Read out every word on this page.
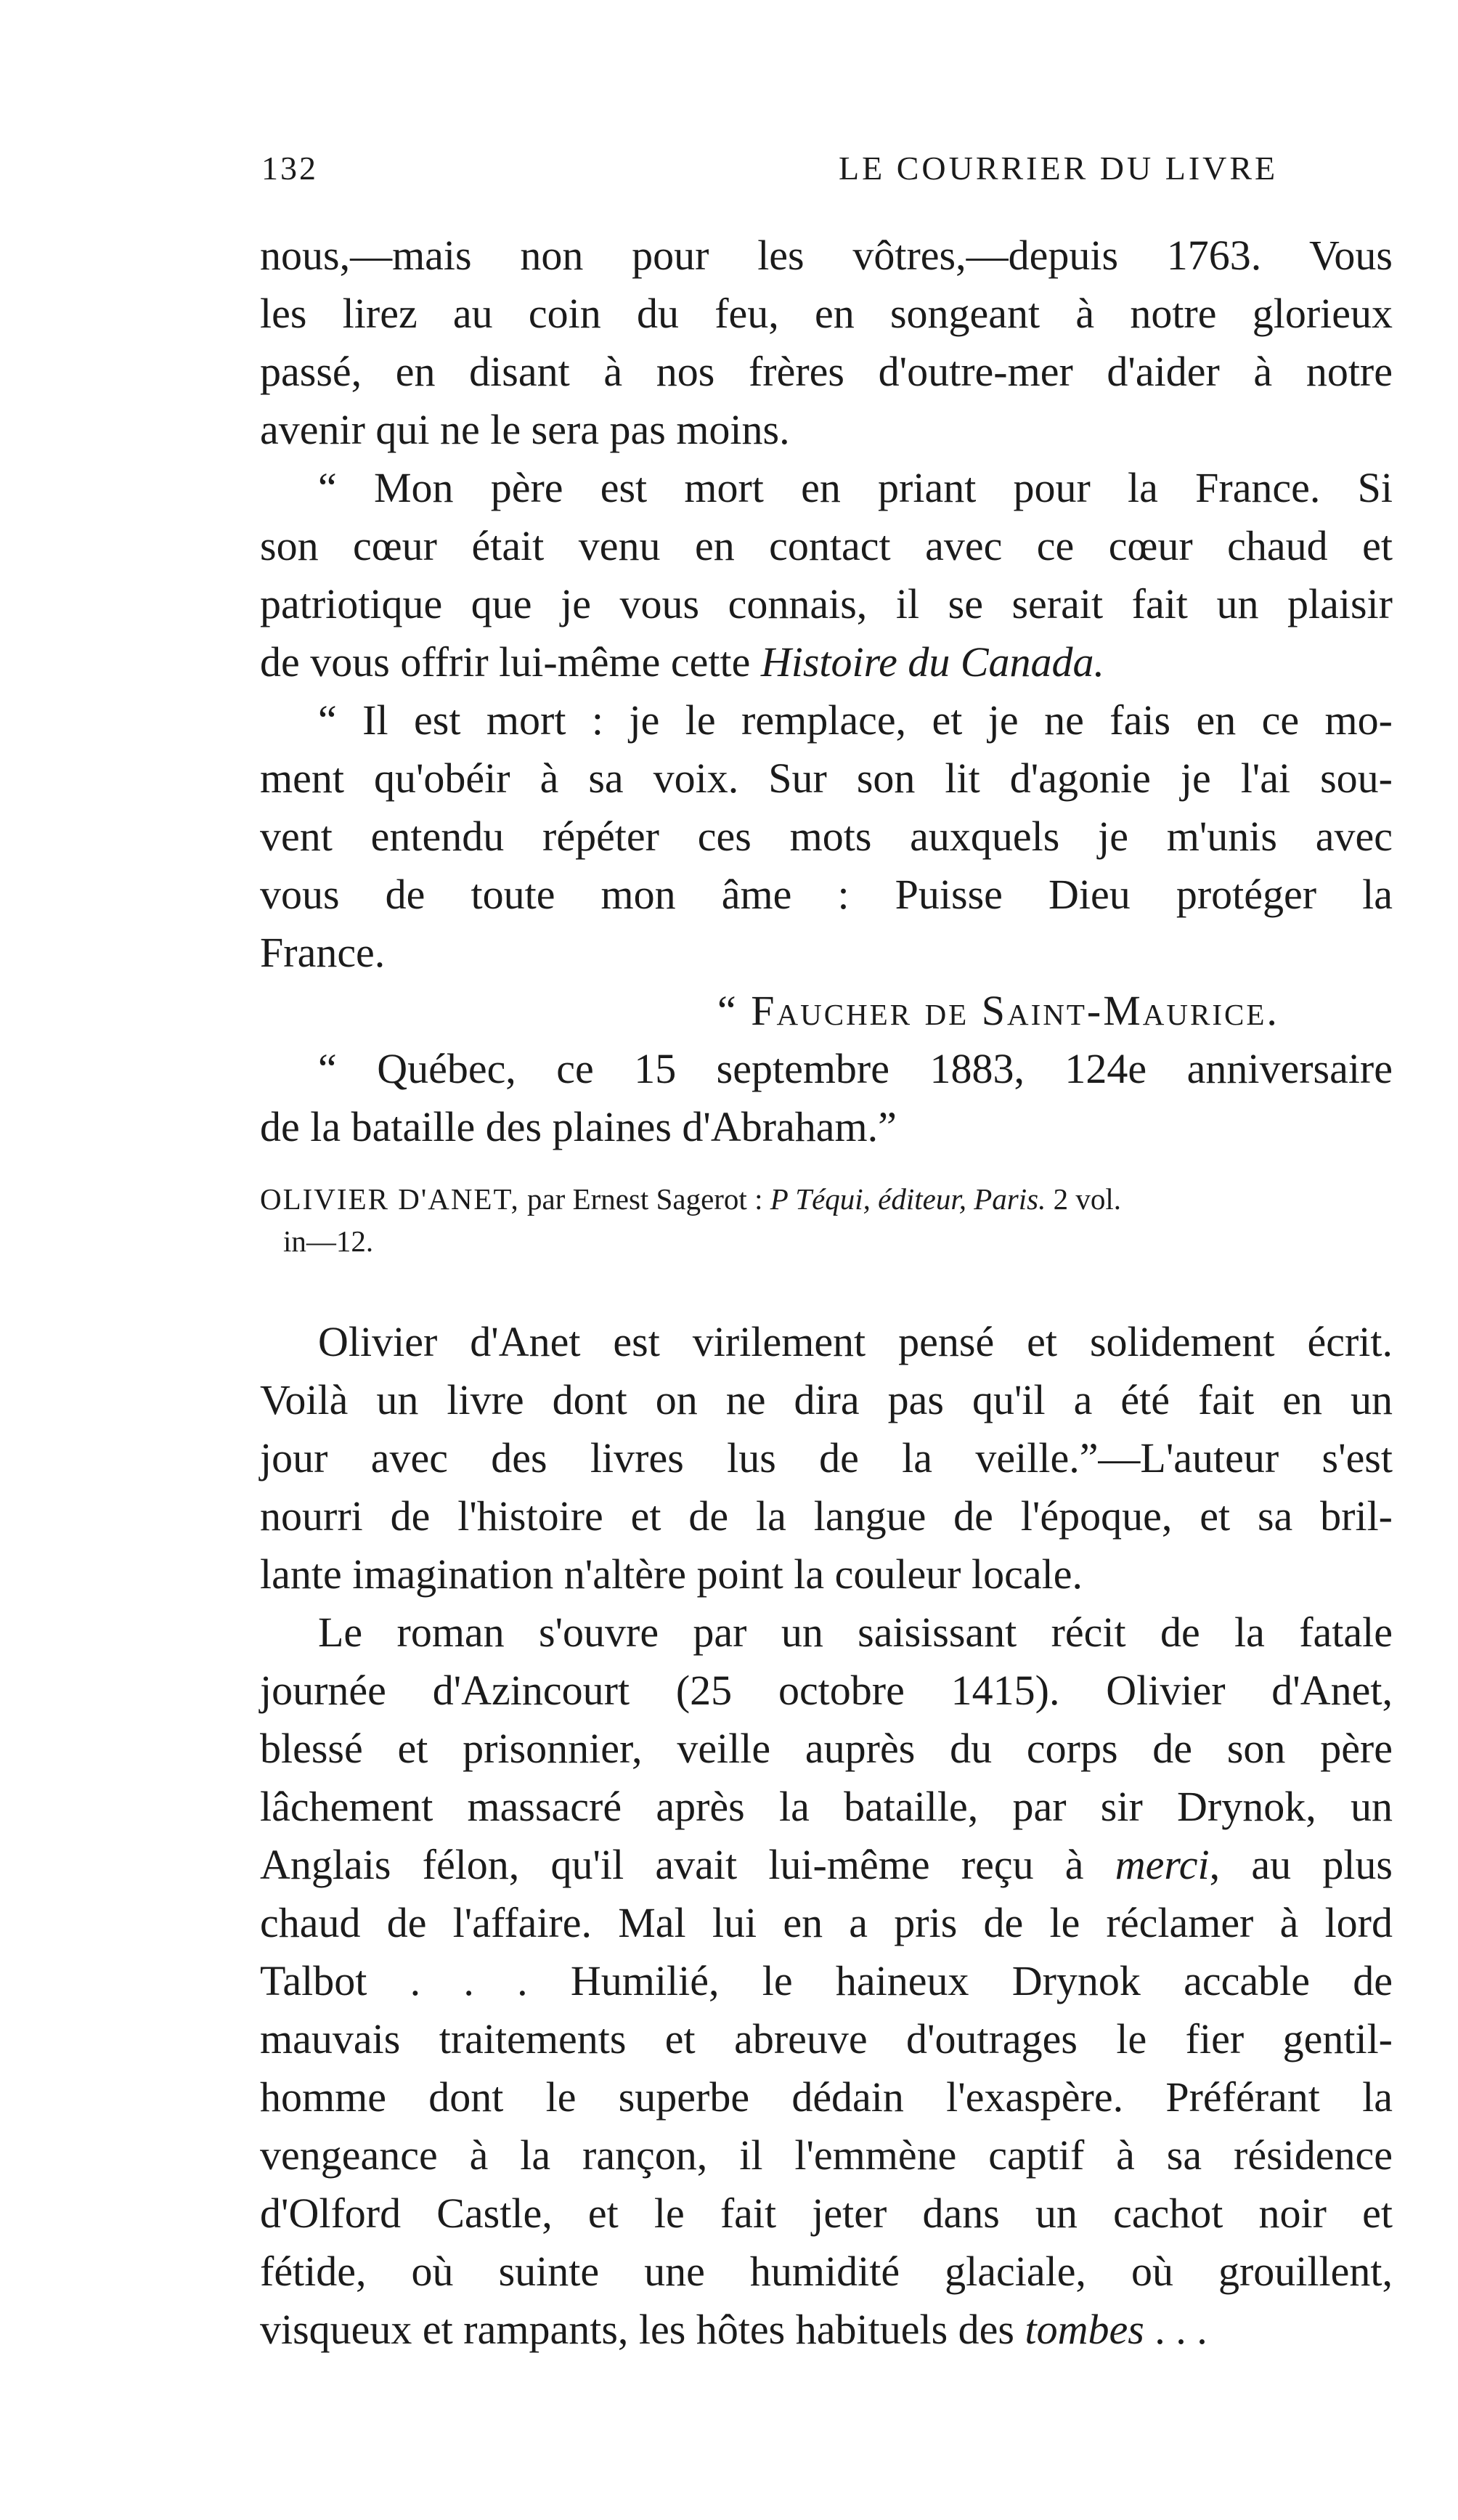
132	LE COURRIER DU LIVRE
nous,—mais non pour les vôtres,—depuis 1763. Vous
les lirez au coin du feu, en songeant à notre glorieux
passé, en disant à nos frères d'outre-mer d'aider à notre
avenir qui ne le sera pas moins.
“ Mon père est mort en priant pour la France. Si
son cœur était venu en contact avec ce cœur chaud et
patriotique que je vous connais, il se serait fait un plaisir
de vous offrir lui-même cette Histoire du Canada.
“ Il est mort : je le remplace, et je ne fais en ce mo-
ment qu'obéir à sa voix. Sur son lit d'agonie je l'ai sou-
vent entendu répéter ces mots auxquels je m'unis avec
vous de toute mon âme : Puisse Dieu protéger la
France.
“ Faucher de Saint-Maurice.
“ Québec, ce 15 septembre 1883, 124e anniversaire
de la bataille des plaines d'Abraham.”
OLIVIER D'ANET, par Ernest Sagerot : P Téqui, éditeur, Paris. 2 vol.
in—12.
Olivier d'Anet est virilement pensé et solidement écrit.
Voilà un livre dont on ne dira pas qu'il a été fait en un
jour avec des livres lus de la veille.”—L'auteur s'est
nourri de l'histoire et de la langue de l'époque, et sa bril-
lante imagination n'altère point la couleur locale.
Le roman s'ouvre par un saisissant récit de la fatale
journée d'Azincourt (25 octobre 1415). Olivier d'Anet,
blessé et prisonnier, veille auprès du corps de son père
lâchement massacré après la bataille, par sir Drynok, un
Anglais félon, qu'il avait lui-même reçu à merci, au plus
chaud de l'affaire. Mal lui en a pris de le réclamer à lord
Talbot . . . Humilié, le haineux Drynok accable de
mauvais traitements et abreuve d'outrages le fier gentil-
homme dont le superbe dédain l'exaspère. Préférant la
vengeance à la rançon, il l'emmène captif à sa résidence
d'Olford Castle, et le fait jeter dans un cachot noir et
fétide, où suinte une humidité glaciale, où grouillent,
visqueux et rampants, les hôtes habituels des tombes . . .
